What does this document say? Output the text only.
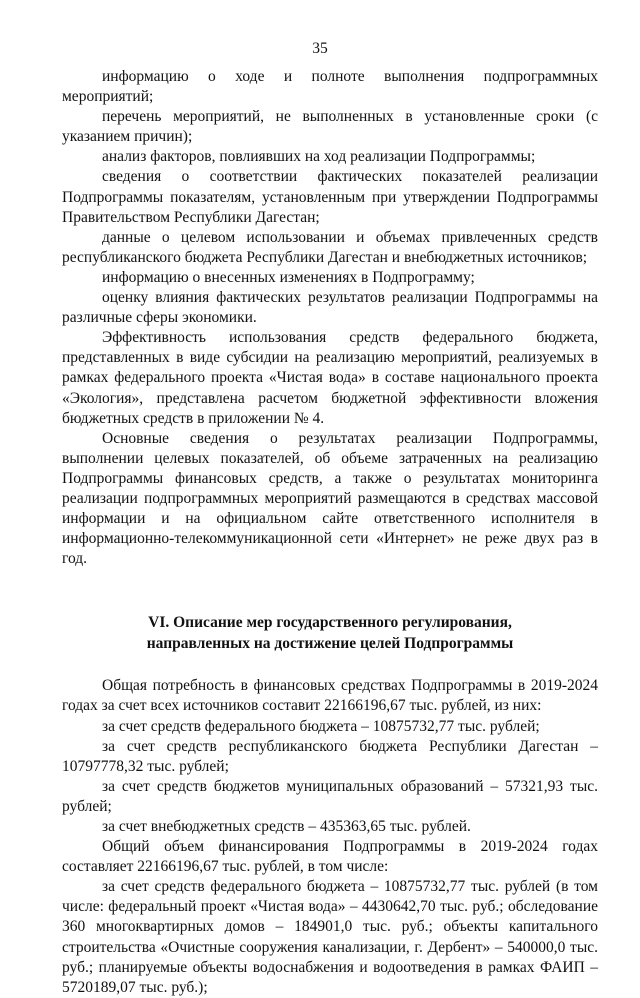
35

информацию о ходе и полноте выполнения подпрограммных мероприятий;

перечень мероприятий, не выполненных в установленные сроки (с указанием причин);

анализ факторов, повлиявших на ход реализации Подпрограммы;

сведения о соответствии фактических показателей реализации Подпрограммы показателям, установленным при утверждении Подпрограммы Правительством Республики Дагестан;

данные о целевом использовании и объемах привлеченных средств республиканского бюджета Республики Дагестан и внебюджетных источников;

информацию о внесенных изменениях в Подпрограмму;

оценку влияния фактических результатов реализации Подпрограммы на различные сферы экономики.

Эффективность использования средств федерального бюджета, представленных в виде субсидии на реализацию мероприятий, реализуемых в рамках федерального проекта «Чистая вода» в составе национального проекта «Экология», представлена расчетом бюджетной эффективности вложения бюджетных средств в приложении № 4.

Основные сведения о результатах реализации Подпрограммы, выполнении целевых показателей, об объеме затраченных на реализацию Подпрограммы финансовых средств, а также о результатах мониторинга реализации подпрограммных мероприятий размещаются в средствах массовой информации и на официальном сайте ответственного исполнителя в информационно-телекоммуникационной сети «Интернет» не реже двух раз в год.

VI. Описание мер государственного регулирования,
направленных на достижение целей Подпрограммы

Общая потребность в финансовых средствах Подпрограммы в 2019-2024 годах за счет всех источников составит 22166196,67 тыс. рублей, из них:

за счет средств федерального бюджета – 10875732,77 тыс. рублей;

за счет средств республиканского бюджета Республики Дагестан – 10797778,32 тыс. рублей;

за счет средств бюджетов муниципальных образований – 57321,93 тыс. рублей;

за счет внебюджетных средств – 435363,65 тыс. рублей.

Общий объем финансирования Подпрограммы в 2019-2024 годах составляет 22166196,67 тыс. рублей, в том числе:

за счет средств федерального бюджета – 10875732,77 тыс. рублей (в том числе: федеральный проект «Чистая вода» – 4430642,70 тыс. руб.; обследование 360 многоквартирных домов – 184901,0 тыс. руб.; объекты капитального строительства «Очистные сооружения канализации, г. Дербент» – 540000,0 тыс. руб.; планируемые объекты водоснабжения и водоотведения в рамках ФАИП – 5720189,07 тыс. руб.);
